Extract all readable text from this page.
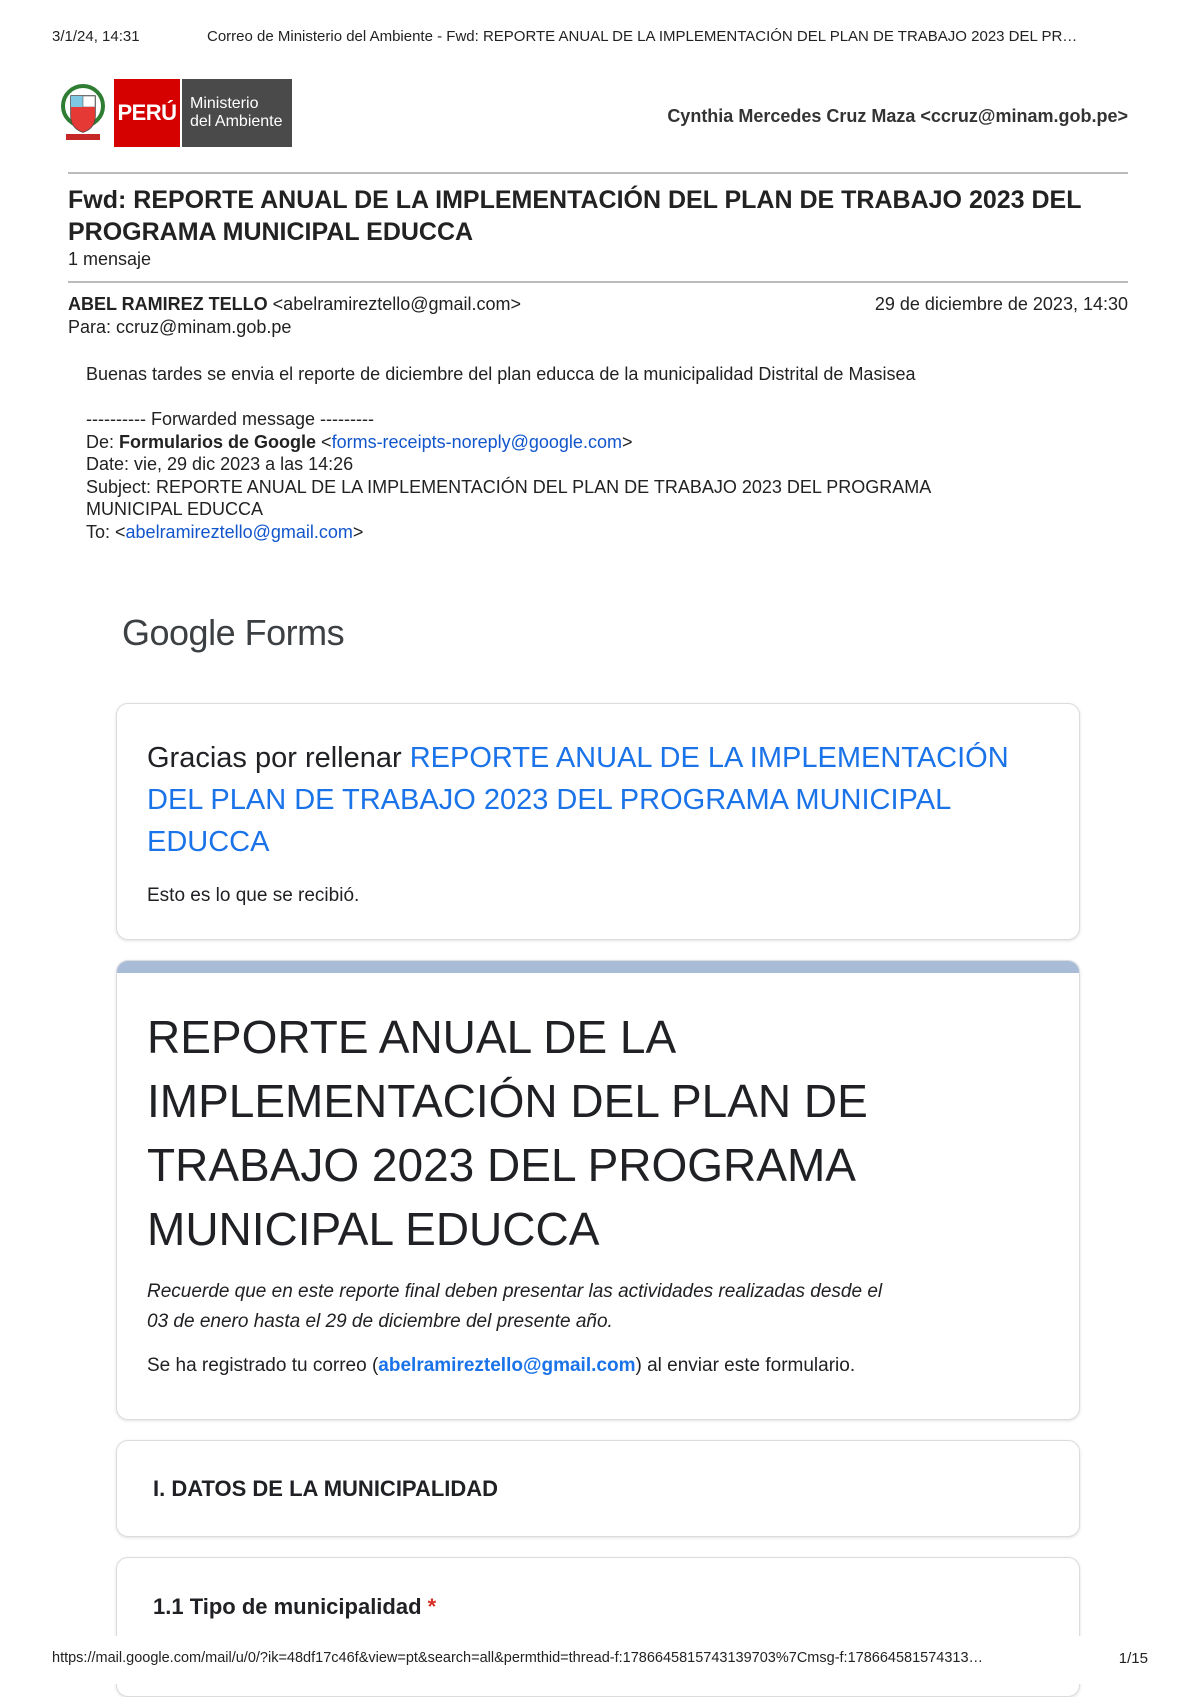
3/1/24, 14:31	Correo de Ministerio del Ambiente - Fwd: REPORTE ANUAL DE LA IMPLEMENTACIÓN DEL PLAN DE TRABAJO 2023 DEL PR…
PERÚ Ministerio
del Ambiente	Cynthia Mercedes Cruz Maza <ccruz@minam.gob.pe>
Fwd: REPORTE ANUAL DE LA IMPLEMENTACIÓN DEL PLAN DE TRABAJO 2023 DEL PROGRAMA MUNICIPAL EDUCCA
1 mensaje
ABEL RAMIREZ TELLO <abelramireztello@gmail.com>	29 de diciembre de 2023, 14:30
Para: ccruz@minam.gob.pe
Buenas tardes se envia el reporte de diciembre del plan educca de la municipalidad Distrital de Masisea
---------- Forwarded message ---------
De: Formularios de Google <forms-receipts-noreply@google.com>
Date: vie, 29 dic 2023 a las 14:26
Subject: REPORTE ANUAL DE LA IMPLEMENTACIÓN DEL PLAN DE TRABAJO 2023 DEL PROGRAMA MUNICIPAL EDUCCA
To: <abelramireztello@gmail.com>
Google Forms
Gracias por rellenar REPORTE ANUAL DE LA IMPLEMENTACIÓN DEL PLAN DE TRABAJO 2023 DEL PROGRAMA MUNICIPAL EDUCCA
Esto es lo que se recibió.
REPORTE ANUAL DE LA IMPLEMENTACIÓN DEL PLAN DE TRABAJO 2023 DEL PROGRAMA MUNICIPAL EDUCCA
Recuerde que en este reporte final deben presentar las actividades realizadas desde el 03 de enero hasta el 29 de diciembre del presente año.
Se ha registrado tu correo (abelramireztello@gmail.com) al enviar este formulario.
I. DATOS DE LA MUNICIPALIDAD
1.1 Tipo de municipalidad *
https://mail.google.com/mail/u/0/?ik=48df17c46f&view=pt&search=all&permthid=thread-f:1786645815743139703%7Cmsg-f:178664581574313…	1/15
